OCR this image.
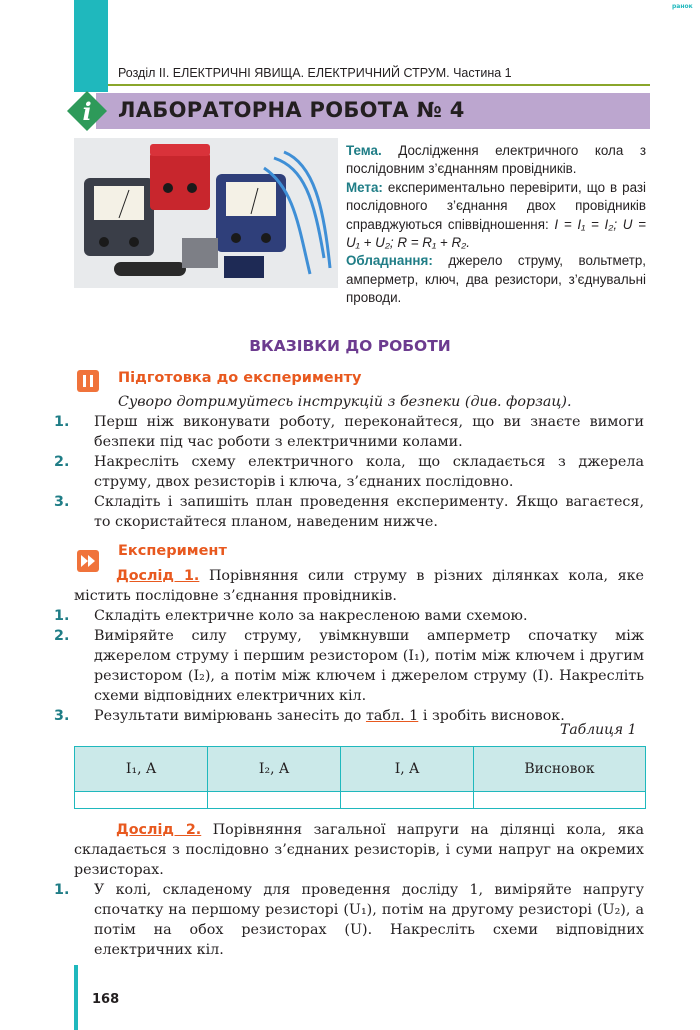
ранок
Розділ ІІ. ЕЛЕКТРИЧНІ ЯВИЩА. ЕЛЕКТРИЧНИЙ СТРУМ. Частина 1
i ЛАБОРАТОРНА РОБОТА № 4

Тема. Дослідження електричного кола з послідовним з’єднанням провідників.

Мета: експериментально перевірити, що в разі послідовного з’єднання двох провідників справджуються співвідношення: I = I₁ = I₂; U = U₁ + U₂; R = R₁ + R₂.

Обладнання: джерело струму, вольтметр, амперметр, ключ, два резистори, з’єднувальні проводи.

ВКАЗІВКИ ДО РОБОТИ
Підготовка до експерименту

Суворо дотримуйтесь інструкцій з безпеки (див. форзац).

1. Перш ніж виконувати роботу, переконайтеся, що ви знаєте вимоги безпеки під час роботи з електричними колами.

2. Накресліть схему електричного кола, що складається з джерела струму, двох резисторів і ключа, з’єднаних послідовно.

3. Складіть і запишіть план проведення експерименту. Якщо вагаєтеся, то скористайтеся планом, наведеним нижче.

Експеримент

Дослід 1. Порівняння сили струму в різних ділянках кола, яке містить послідовне з’єднання провідників.

1. Складіть електричне коло за накресленою вами схемою.

2. Виміряйте силу струму, увімкнувши амперметр спочатку між джерелом струму і першим резистором (I₁), потім між ключем і другим резистором (I₂), а потім між ключем і джерелом струму (I). Накресліть схеми відповідних електричних кіл.

3. Результати вимірювань занесіть до табл. 1 і зробіть висновок.

Таблиця 1
I₁, A	I₂, A	I, A	Висновок

Дослід 2. Порівняння загальної напруги на ділянці кола, яка складається з послідовно з’єднаних резисторів, і суми напруг на окремих резисторах.

1. У колі, складеному для проведення досліду 1, виміряйте напругу спочатку на першому резисторі (U₁), потім на другому резисторі (U₂), а потім на обох резисторах (U). Накресліть схеми відповідних електричних кіл.

168
